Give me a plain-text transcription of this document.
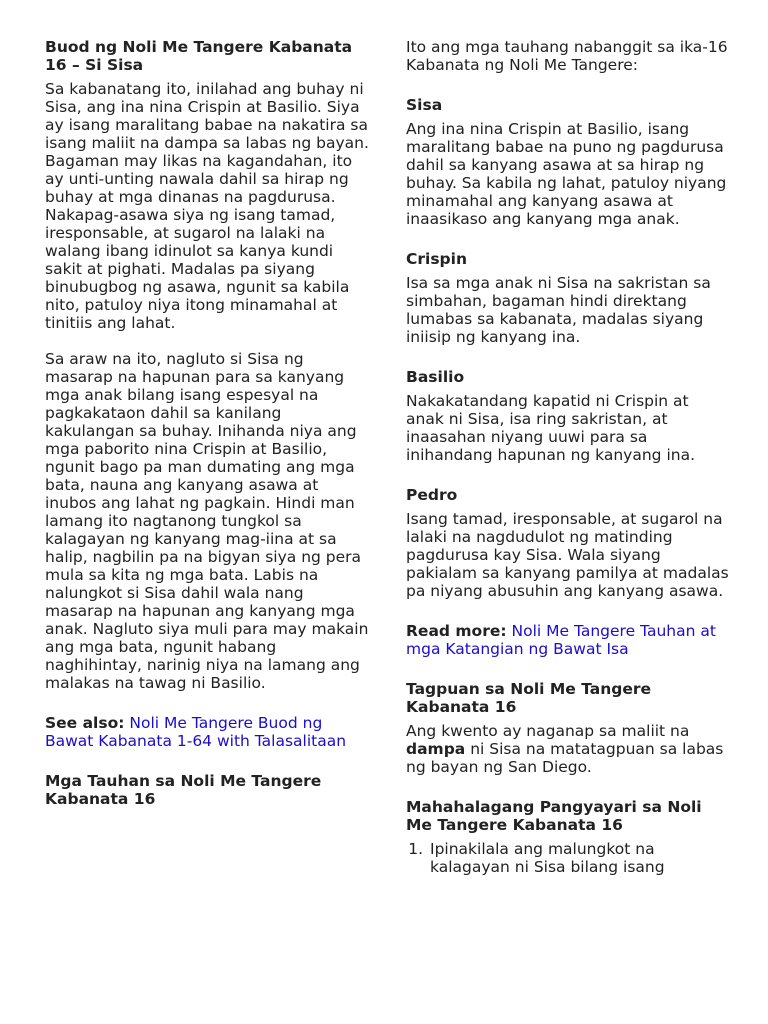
Buod ng Noli Me Tangere Kabanata 16 – Si Sisa

Sa kabanatang ito, inilahad ang buhay ni Sisa, ang ina nina Crispin at Basilio. Siya ay isang maralitang babae na nakatira sa isang maliit na dampa sa labas ng bayan. Bagaman may likas na kagandahan, ito ay unti-unting nawala dahil sa hirap ng buhay at mga dinanas na pagdurusa. Nakapag-asawa siya ng isang tamad, iresponsable, at sugarol na lalaki na walang ibang idinulot sa kanya kundi sakit at pighati. Madalas pa siyang binubugbog ng asawa, ngunit sa kabila nito, patuloy niya itong minamahal at tinitiis ang lahat.

Sa araw na ito, nagluto si Sisa ng masarap na hapunan para sa kanyang mga anak bilang isang espesyal na pagkakataon dahil sa kanilang kakulangan sa buhay. Inihanda niya ang mga paborito nina Crispin at Basilio, ngunit bago pa man dumating ang mga bata, nauna ang kanyang asawa at inubos ang lahat ng pagkain. Hindi man lamang ito nagtanong tungkol sa kalagayan ng kanyang mag-iina at sa halip, nagbilin pa na bigyan siya ng pera mula sa kita ng mga bata. Labis na nalungkot si Sisa dahil wala nang masarap na hapunan ang kanyang mga anak. Nagluto siya muli para may makain ang mga bata, ngunit habang naghihintay, narinig niya na lamang ang malakas na tawag ni Basilio.

See also: Noli Me Tangere Buod ng Bawat Kabanata 1-64 with Talasalitaan

Mga Tauhan sa Noli Me Tangere Kabanata 16

Ito ang mga tauhang nabanggit sa ika-16 Kabanata ng Noli Me Tangere:

Sisa

Ang ina nina Crispin at Basilio, isang maralitang babae na puno ng pagdurusa dahil sa kanyang asawa at sa hirap ng buhay. Sa kabila ng lahat, patuloy niyang minamahal ang kanyang asawa at inaasikaso ang kanyang mga anak.

Crispin

Isa sa mga anak ni Sisa na sakristan sa simbahan, bagaman hindi direktang lumabas sa kabanata, madalas siyang iniisip ng kanyang ina.

Basilio

Nakakatandang kapatid ni Crispin at anak ni Sisa, isa ring sakristan, at inaasahan niyang uuwi para sa inihandang hapunan ng kanyang ina.

Pedro

Isang tamad, iresponsable, at sugarol na lalaki na nagdudulot ng matinding pagdurusa kay Sisa. Wala siyang pakialam sa kanyang pamilya at madalas pa niyang abusuhin ang kanyang asawa.

Read more: Noli Me Tangere Tauhan at mga Katangian ng Bawat Isa

Tagpuan sa Noli Me Tangere Kabanata 16

Ang kwento ay naganap sa maliit na dampa ni Sisa na matatagpuan sa labas ng bayan ng San Diego.

Mahahalagang Pangyayari sa Noli Me Tangere Kabanata 16
1. Ipinakilala ang malungkot na kalagayan ni Sisa bilang isang
